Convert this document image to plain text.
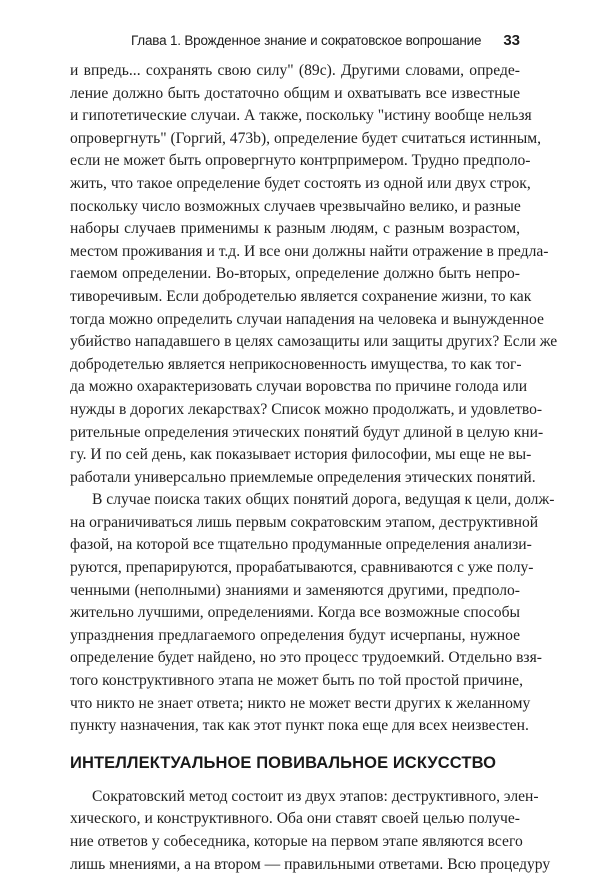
Глава 1. Врожденное знание и сократовское вопрошание 33

и впредь... сохранять свою силу" (89с). Другими словами, опреде-
ление должно быть достаточно общим и охватывать все известные
и гипотетические случаи. А также, поскольку "истину вообще нельзя
опровергнуть" (Горгий, 473b), определение будет считаться истинным,
если не может быть опровергнуто контрпримером. Трудно предполо-
жить, что такое определение будет состоять из одной или двух строк,
поскольку число возможных случаев чрезвычайно велико, и разные
наборы случаев применимы к разным людям, с разным возрастом,
местом проживания и т.д. И все они должны найти отражение в предла-
гаемом определении. Во-вторых, определение должно быть непро-
тиворечивым. Если добродетелью является сохранение жизни, то как
тогда можно определить случаи нападения на человека и вынужденное
убийство нападавшего в целях самозащиты или защиты других? Если же
добродетелью является неприкосновенность имущества, то как тог-
да можно охарактеризовать случаи воровства по причине голода или
нужды в дорогих лекарствах? Список можно продолжать, и удовлетво-
рительные определения этических понятий будут длиной в целую кни-
гу. И по сей день, как показывает история философии, мы еще не вы-
работали универсально приемлемые определения этических понятий.

В случае поиска таких общих понятий дорога, ведущая к цели, долж-
на ограничиваться лишь первым сократовским этапом, деструктивной
фазой, на которой все тщательно продуманные определения анализи-
руются, препарируются, прорабатываются, сравниваются с уже полу-
ченными (неполными) знаниями и заменяются другими, предполо-
жительно лучшими, определениями. Когда все возможные способы
упразднения предлагаемого определения будут исчерпаны, нужное
определение будет найдено, но это процесс трудоемкий. Отдельно взя-
того конструктивного этапа не может быть по той простой причине,
что никто не знает ответа; никто не может вести других к желанному
пункту назначения, так как этот пункт пока еще для всех неизвестен.

ИНТЕЛЛЕКТУАЛЬНОЕ ПОВИВАЛЬНОЕ ИСКУССТВО

Сократовский метод состоит из двух этапов: деструктивного, элен-
хического, и конструктивного. Оба они ставят своей целью получе-
ние ответов у собеседника, которые на первом этапе являются всего
лишь мнениями, а на втором — правильными ответами. Всю процедуру
